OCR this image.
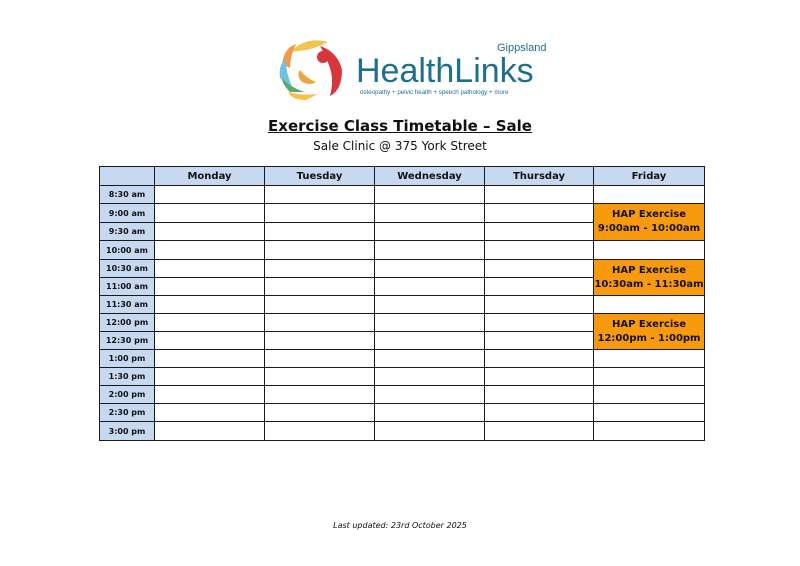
Gippsland
HealthLinks
osteopathy + pelvic health + speech pathology + more
Exercise Class Timetable – Sale
Sale Clinic @ 375 York Street
	Monday	Tuesday	Wednesday	Thursday	Friday
8:30 am					
9:00 am					HAP Exercise
9:00am - 10:00am

9:30 am					
10:00 am					
10:30 am					HAP Exercise
10:30am - 11:30am

11:00 am					
11:30 am					
12:00 pm					HAP Exercise
12:00pm - 1:00pm

12:30 pm					
1:00 pm					
1:30 pm					
2:00 pm					
2:30 pm					
3:00 pm					
Last updated: 23rd October 2025
